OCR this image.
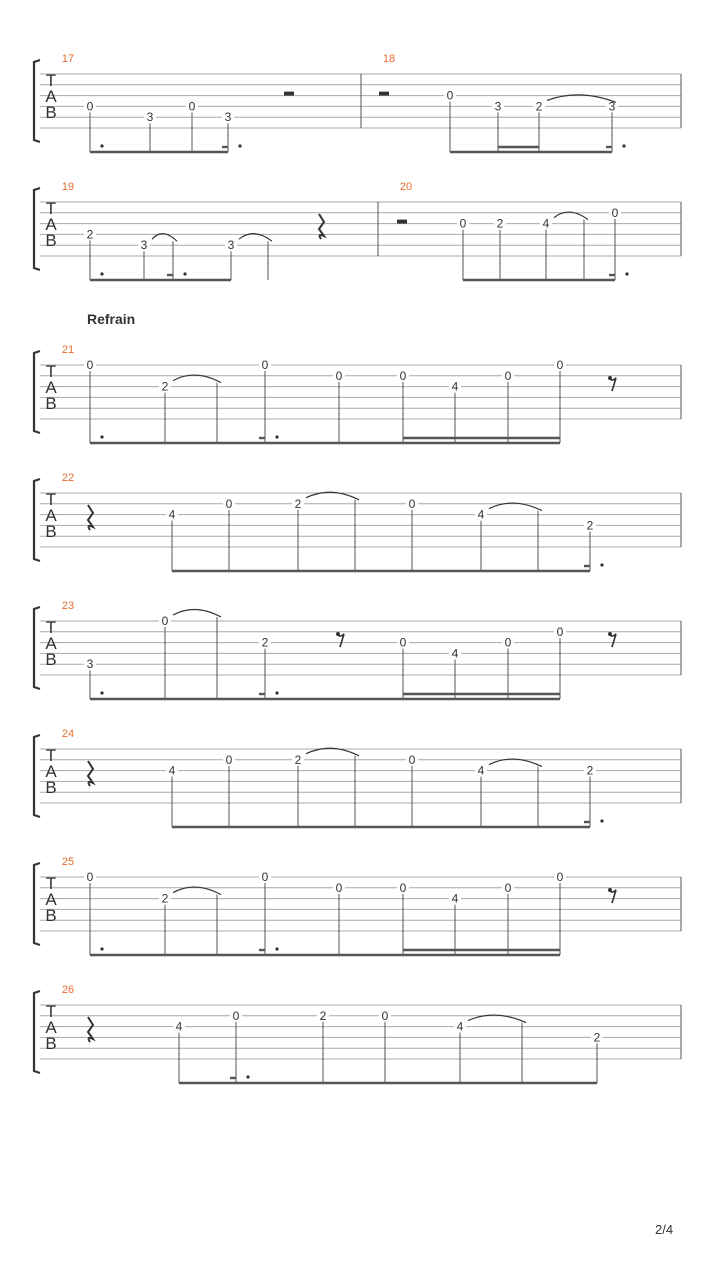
T
A
B
17
0
3
0
3
18
0
3	2	3
T
A
B
19
2
3	3
20
0	2	4
0
T
A
B
21
0
2
0
0	0
4
0
0
T
A
B
22
4
0	2	0
4
2
T
A
B
23
3
0
2	0
4
0
0
T
A
B
24
4
0	2	0
4	2
T
A
B
25
0
2
0
0	0
4
0
0
T
A
B
26
4
0	2	0
4
2
Refrain
2/4
